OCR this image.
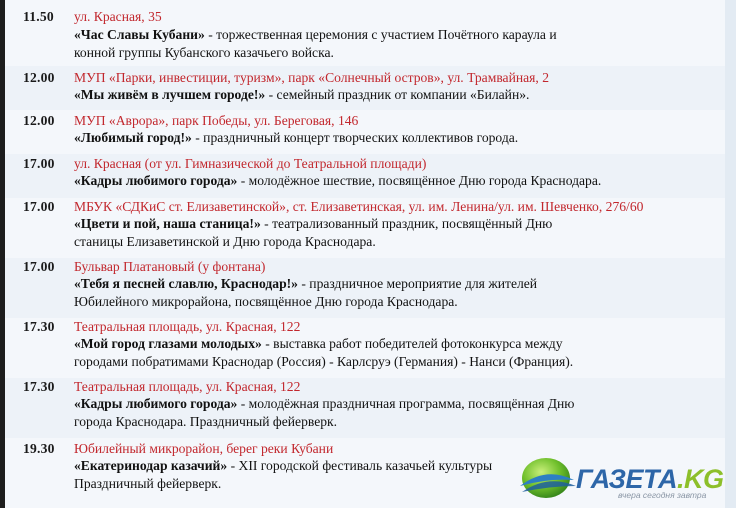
11.50 ул. Красная, 35
«Час Славы Кубани» - торжественная церемония с участием Почётного караула и
конной группы Кубанского казачьего войска.
12.00 МУП «Парки, инвестиции, туризм», парк «Солнечный остров», ул. Трамвайная, 2
«Мы живём в лучшем городе!» - семейный праздник от компании «Билайн».
12.00 МУП «Аврора», парк Победы, ул. Береговая, 146
«Любимый город!» - праздничный концерт творческих коллективов города.
17.00 ул. Красная (от ул. Гимназической до Театральной площади)
«Кадры любимого города» - молодёжное шествие, посвящённое Дню города Краснодара.
17.00 МБУК «СДКиС ст. Елизаветинской», ст. Елизаветинская, ул. им. Ленина/ул. им. Шевченко, 276/60
«Цвети и пой, наша станица!» - театрализованный праздник, посвящённый Дню
станицы Елизаветинской и Дню города Краснодара.
17.00 Бульвар Платановый (у фонтана)
«Тебя я песней славлю, Краснодар!» - праздничное мероприятие для жителей
Юбилейного микрорайона, посвящённое Дню города Краснодара.
17.30 Театральная площадь, ул. Красная, 122
«Мой город глазами молодых» - выставка работ победителей фотоконкурса между
городами побратимами Краснодар (Россия) - Карлсруэ (Германия) - Нанси (Франция).
17.30 Театральная площадь, ул. Красная, 122
«Кадры любимого города» - молодёжная праздничная программа, посвящённая Дню
города Краснодара. Праздничный фейерверк.
19.30 Юбилейный микрорайон, берег реки Кубани
«Екатеринодар казачий» - XII городской фестиваль казачьей культуры
Праздничный фейерверк.	ГАЗЕТА.KG
вчера сегодня завтра
